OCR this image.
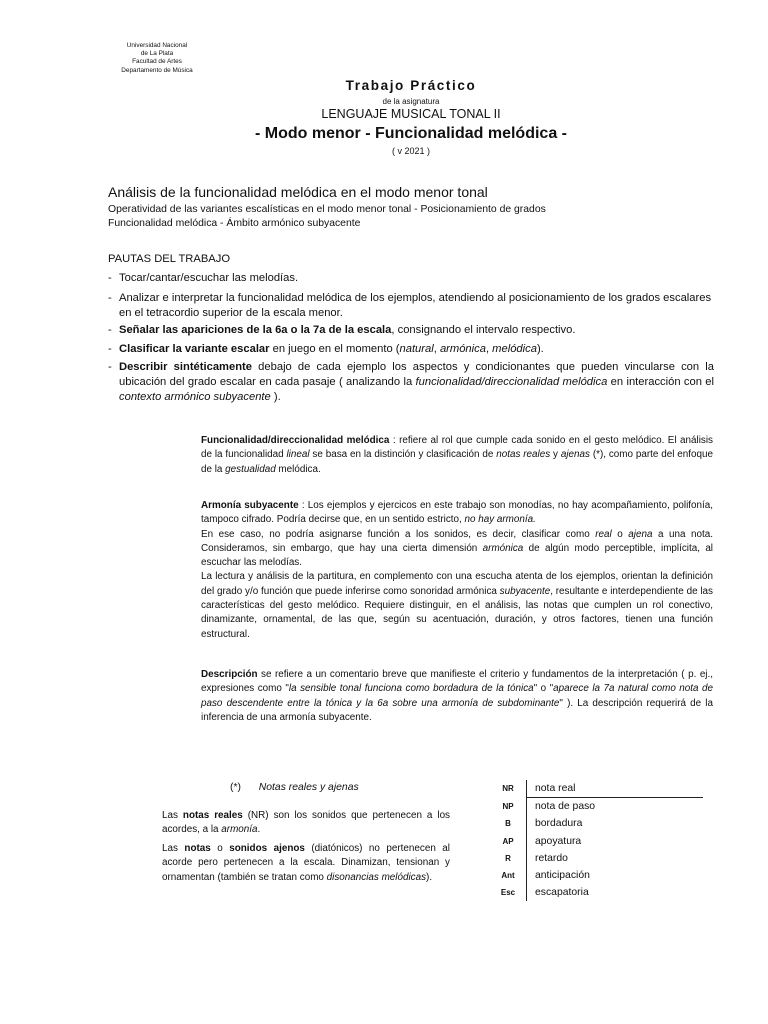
Universidad Nacional
de La Plata
Facultad de Artes
Departamento de Música
Trabajo Práctico
de la asignatura
LENGUAJE MUSICAL TONAL II
- Modo menor - Funcionalidad melódica -
( v 2021 )
Análisis de la funcionalidad melódica en el modo menor tonal
Operatividad de las variantes escalísticas en el modo menor tonal - Posicionamiento de grados
Funcionalidad melódica - Ámbito armónico subyacente
PAUTAS DEL TRABAJO
- Tocar/cantar/escuchar las melodías.
- Analizar e interpretar la funcionalidad melódica de los ejemplos, atendiendo al posicionamiento de los grados escalares en el tetracordio superior de la escala menor.
- Señalar las apariciones de la 6a o la 7a de la escala, consignando el intervalo respectivo.
- Clasificar la variante escalar en juego en el momento (natural, armónica, melódica).
- Describir sintéticamente debajo de cada ejemplo los aspectos y condicionantes que pueden vincularse con la ubicación del grado escalar en cada pasaje ( analizando la funcionalidad/direccionalidad melódica en interacción con el contexto armónico subyacente ).

Funcionalidad/direccionalidad melódica : refiere al rol que cumple cada sonido en el gesto melódico. El análisis de la funcionalidad lineal se basa en la distinción y clasificación de notas reales y ajenas (*), como parte del enfoque de la gestualidad melódica.

Armonía subyacente : Los ejemplos y ejercicos en este trabajo son monodías, no hay acompañamiento, polifonía, tampoco cifrado. Podría decirse que, en un sentido estricto, no hay armonía.

En ese caso, no podría asignarse función a los sonidos, es decir, clasificar como real o ajena a una nota. Consideramos, sin embargo, que hay una cierta dimensión armónica de algún modo perceptible, implícita, al escuchar las melodías.

La lectura y análisis de la partitura, en complemento con una escucha atenta de los ejemplos, orientan la definición del grado y/o función que puede inferirse como sonoridad armónica subyacente, resultante e interdependiente de las características del gesto melódico. Requiere distinguir, en el análisis, las notas que cumplen un rol conectivo, dinamizante, ornamental, de las que, según su acentuación, duración, y otros factores, tienen una función estructural.

Descripción se refiere a un comentario breve que manifieste el criterio y fundamentos de la interpretación ( p. ej., expresiones como "la sensible tonal funciona como bordadura de la tónica" o "aparece la 7a natural como nota de paso descendente entre la tónica y la 6a sobre una armonía de subdominante" ). La descripción requerirá de la inferencia de una armonía subyacente.

(*) Notas reales y ajenas
Las notas reales (NR) son los sonidos que pertenecen a los acordes, a la armonía.
Las notas o sonidos ajenos (diatónicos) no pertenecen al acorde pero pertenecen a la escala. Dinamizan, tensionan y ornamentan (también se tratan como disonancias melódicas).
NR	nota real
NP	nota de paso
B	bordadura
AP	apoyatura
R	retardo
Ant	anticipación
Esc	escapatoria
